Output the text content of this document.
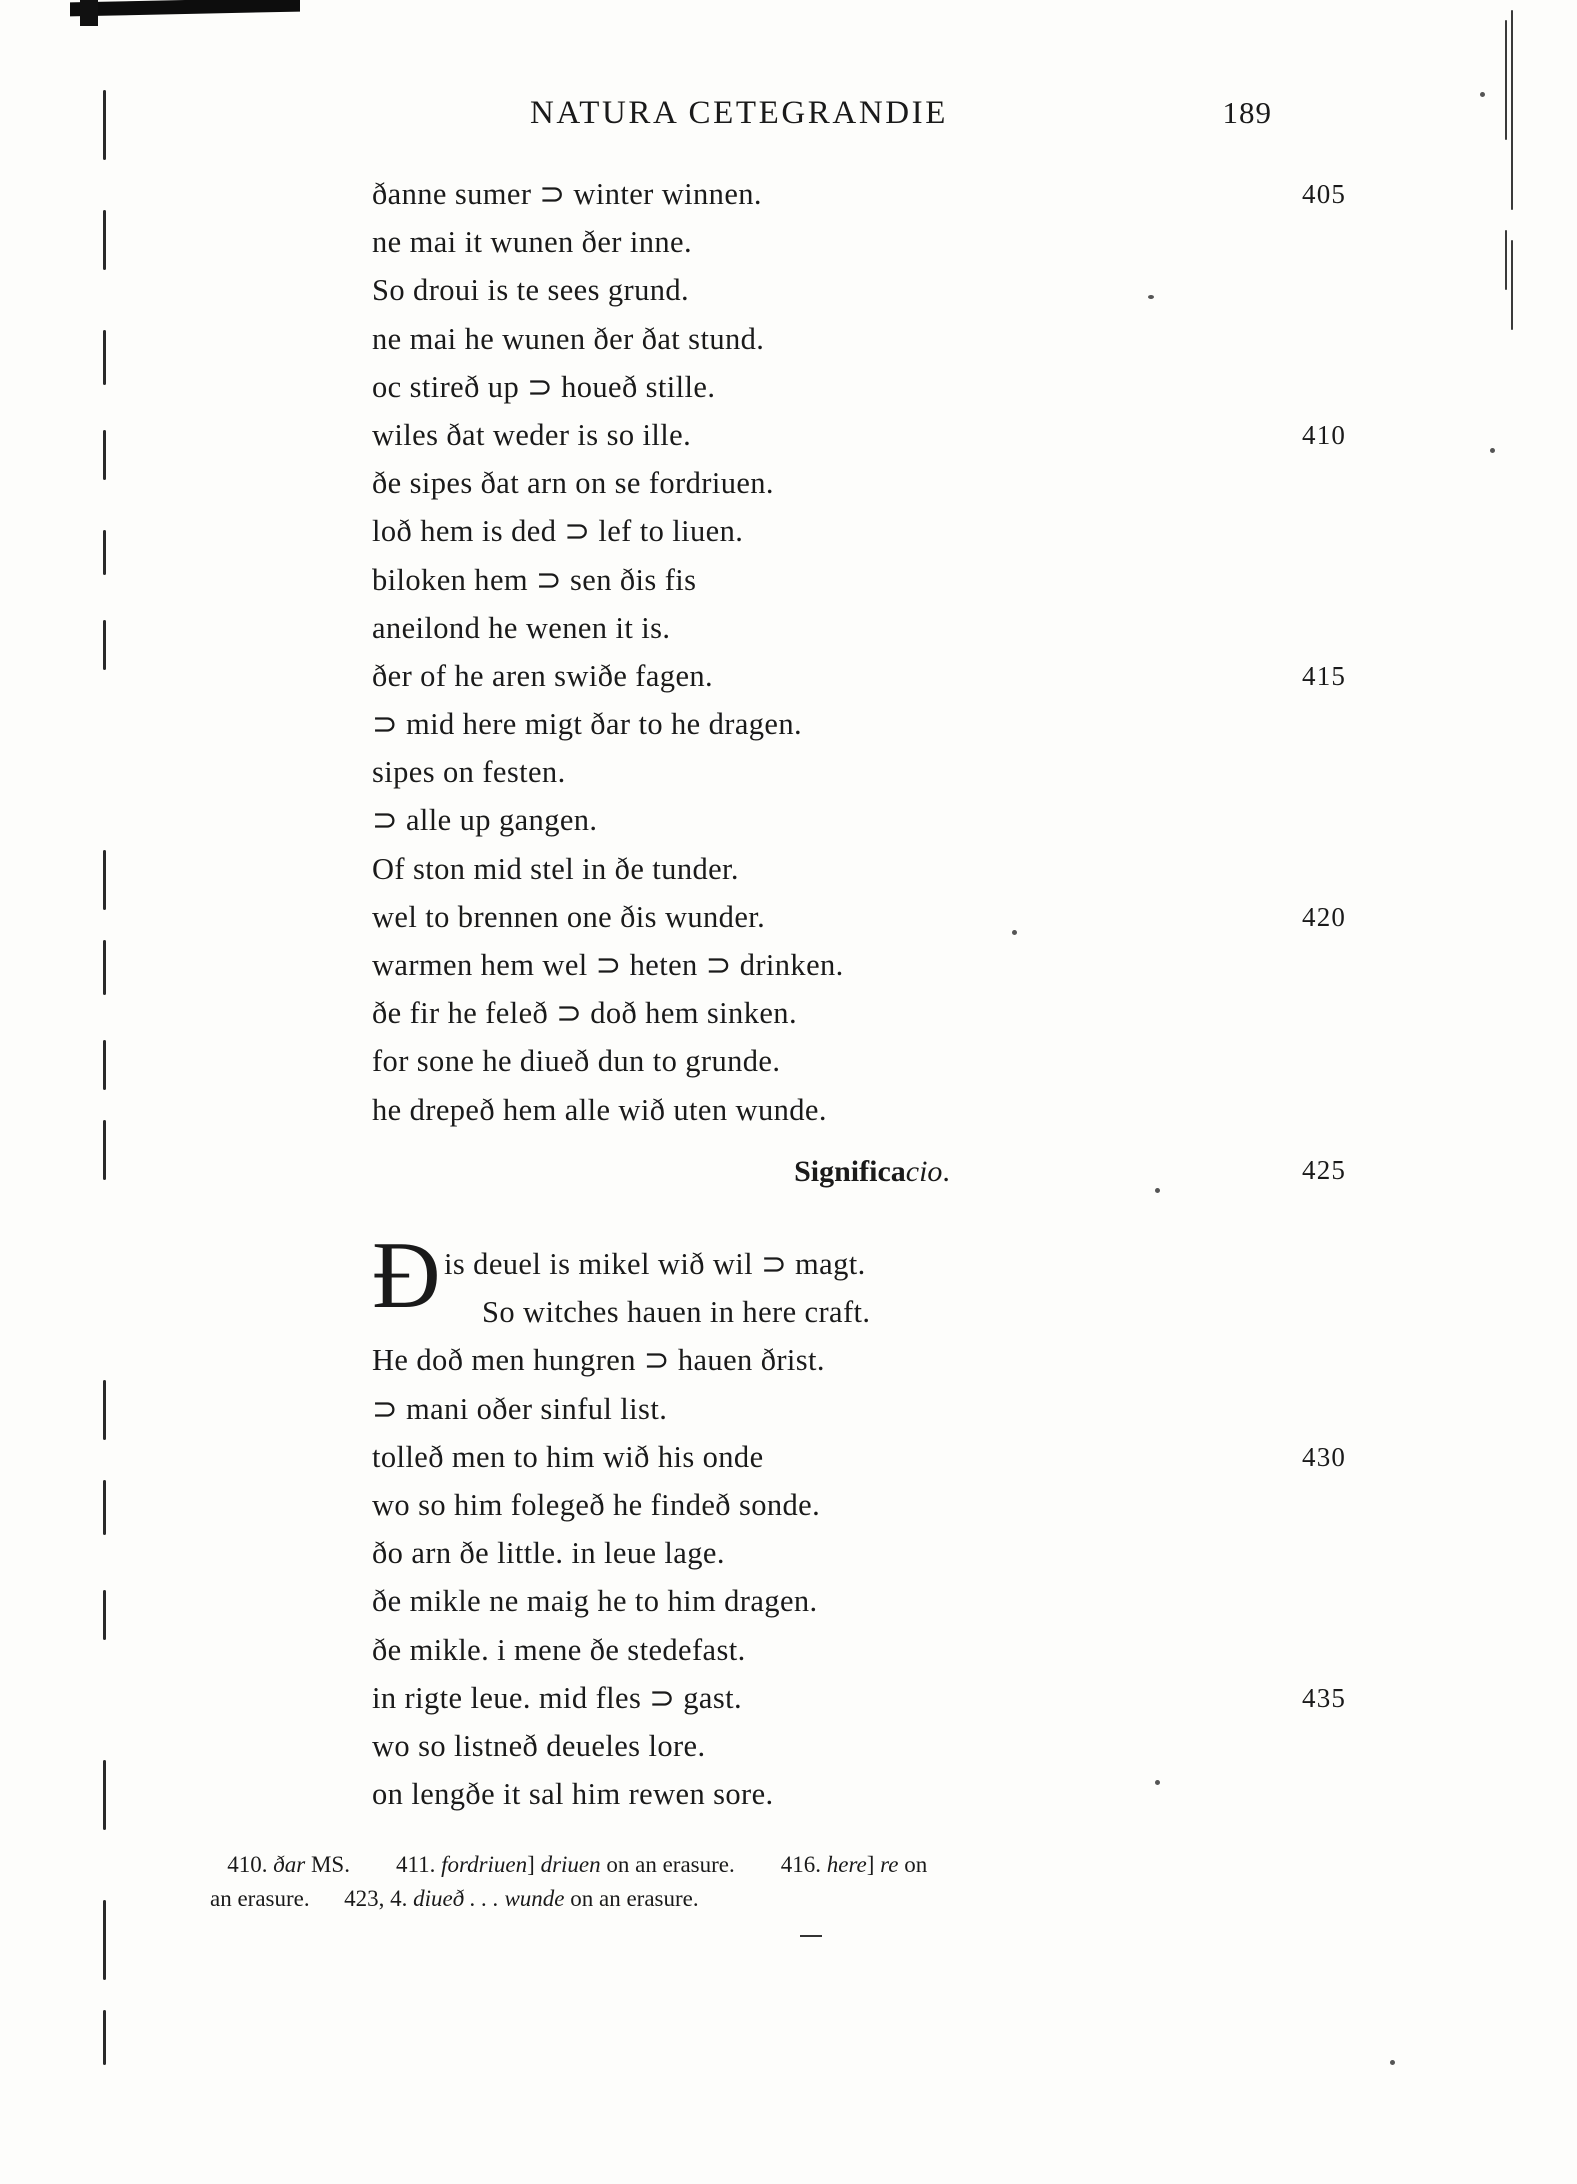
NATURA CETEGRANDIE	189
ðanne sumer ⊃ winter winnen.	405
ne mai it wunen ðer inne.
So droui is te sees grund.
ne mai he wunen ðer ðat stund.
oc stireð up ⊃ houeð stille.
wiles ðat weder is so ille.	410
ðe sipes ðat arn on se fordriuen.
loð hem is ded ⊃ lef to liuen.
biloken hem ⊃ sen ðis fis
aneilond he wenen it is.
ðer of he aren swiðe fagen.	415
⊃ mid here migt ðar to he dragen.
sipes on festen.
⊃ alle up gangen.
Of ston mid stel in ðe tunder.
wel to brennen one ðis wunder.	420
warmen hem wel ⊃ heten ⊃ drinken.
ðe fir he feleð ⊃ doð hem sinken.
for sone he diueð dun to grunde.
he drepeð hem alle wið uten wunde.
Significacio.	425
Ð is deuel is mikel wið wil ⊃ magt.
So witches hauen in here craft.
He doð men hungren ⊃ hauen ðrist.
⊃ mani oðer sinful list.
tolleð men to him wið his onde	430
wo so him folegeð he findeð sonde.
ðo arn ðe little. in leue lage.
ðe mikle ne maig he to him dragen.
ðe mikle. i mene ðe stedefast.
in rigte leue. mid fles ⊃ gast.	435
wo so listneð deueles lore.
on lengðe it sal him rewen sore.
410. ðar MS.        411. fordriuen] driuen on an erasure.        416. here] re on
an erasure.      423, 4. diueð . . . wunde on an erasure.
